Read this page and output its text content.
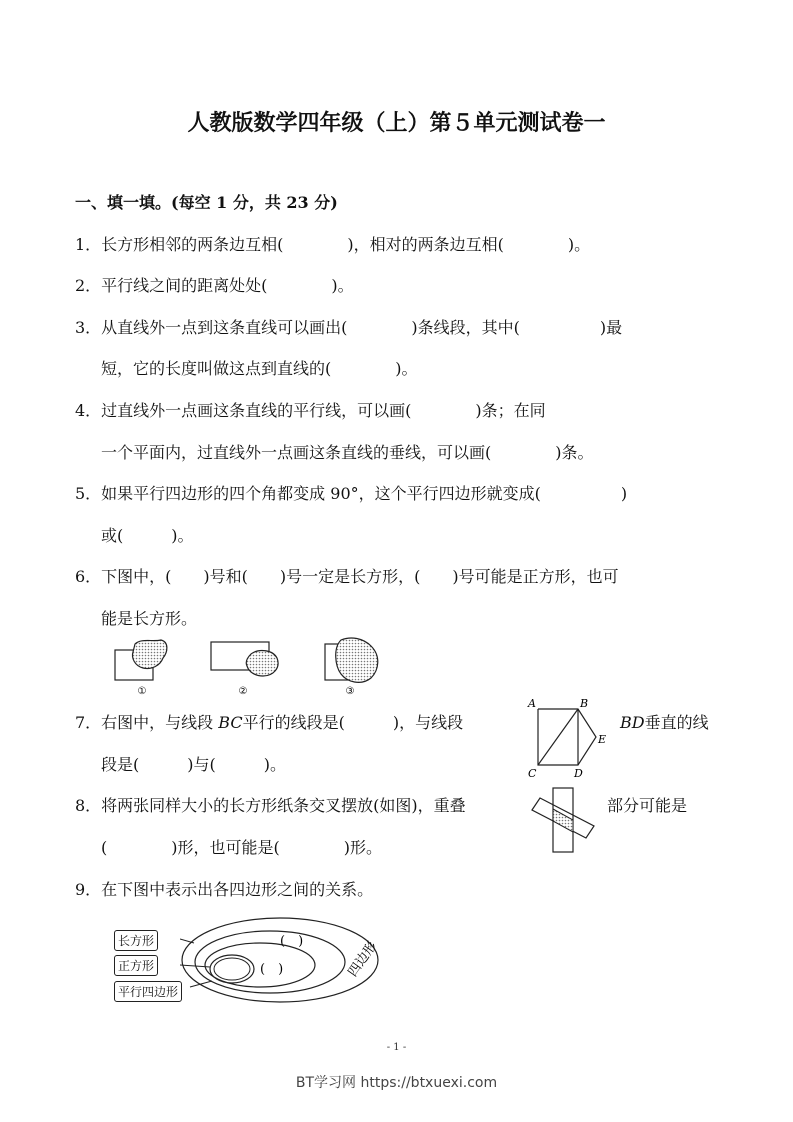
人教版数学四年级（上）第５单元测试卷一
一、填一填。(每空 1 分，共 23 分)
1．长方形相邻的两条边互相(　　　　)，相对的两条边互相(　　　　)。
2．平行线之间的距离处处(　　　　)。
3．从直线外一点到这条直线可以画出(　　　　)条线段，其中(　　　　　)最
短，它的长度叫做这点到直线的(　　　　)。
4．过直线外一点画这条直线的平行线，可以画(　　　　)条；在同
一个平面内，过直线外一点画这条直线的垂线，可以画(　　　　)条。
5．如果平行四边形的四个角都变成 90°，这个平行四边形就变成(　　　　　)
或(　　　)。
6．下图中，(　　)号和(　　)号一定是长方形，(　　)号可能是正方形，也可
能是长方形。
①	②	③
7．右图中，与线段 BC平行的线段是(　　　)，与线段	BD垂直的线
段是(　　　)与(　　　)。
A	B
C	D
E
8．将两张同样大小的长方形纸条交叉摆放(如图)，重叠	部分可能是
(　　　　)形，也可能是(　　　　)形。
9．在下图中表示出各四边形之间的关系。
(　)
(　)	四边形
长方形
正方形
平行四边形
- 1 -
BT学习网 https://btxuexi.com
